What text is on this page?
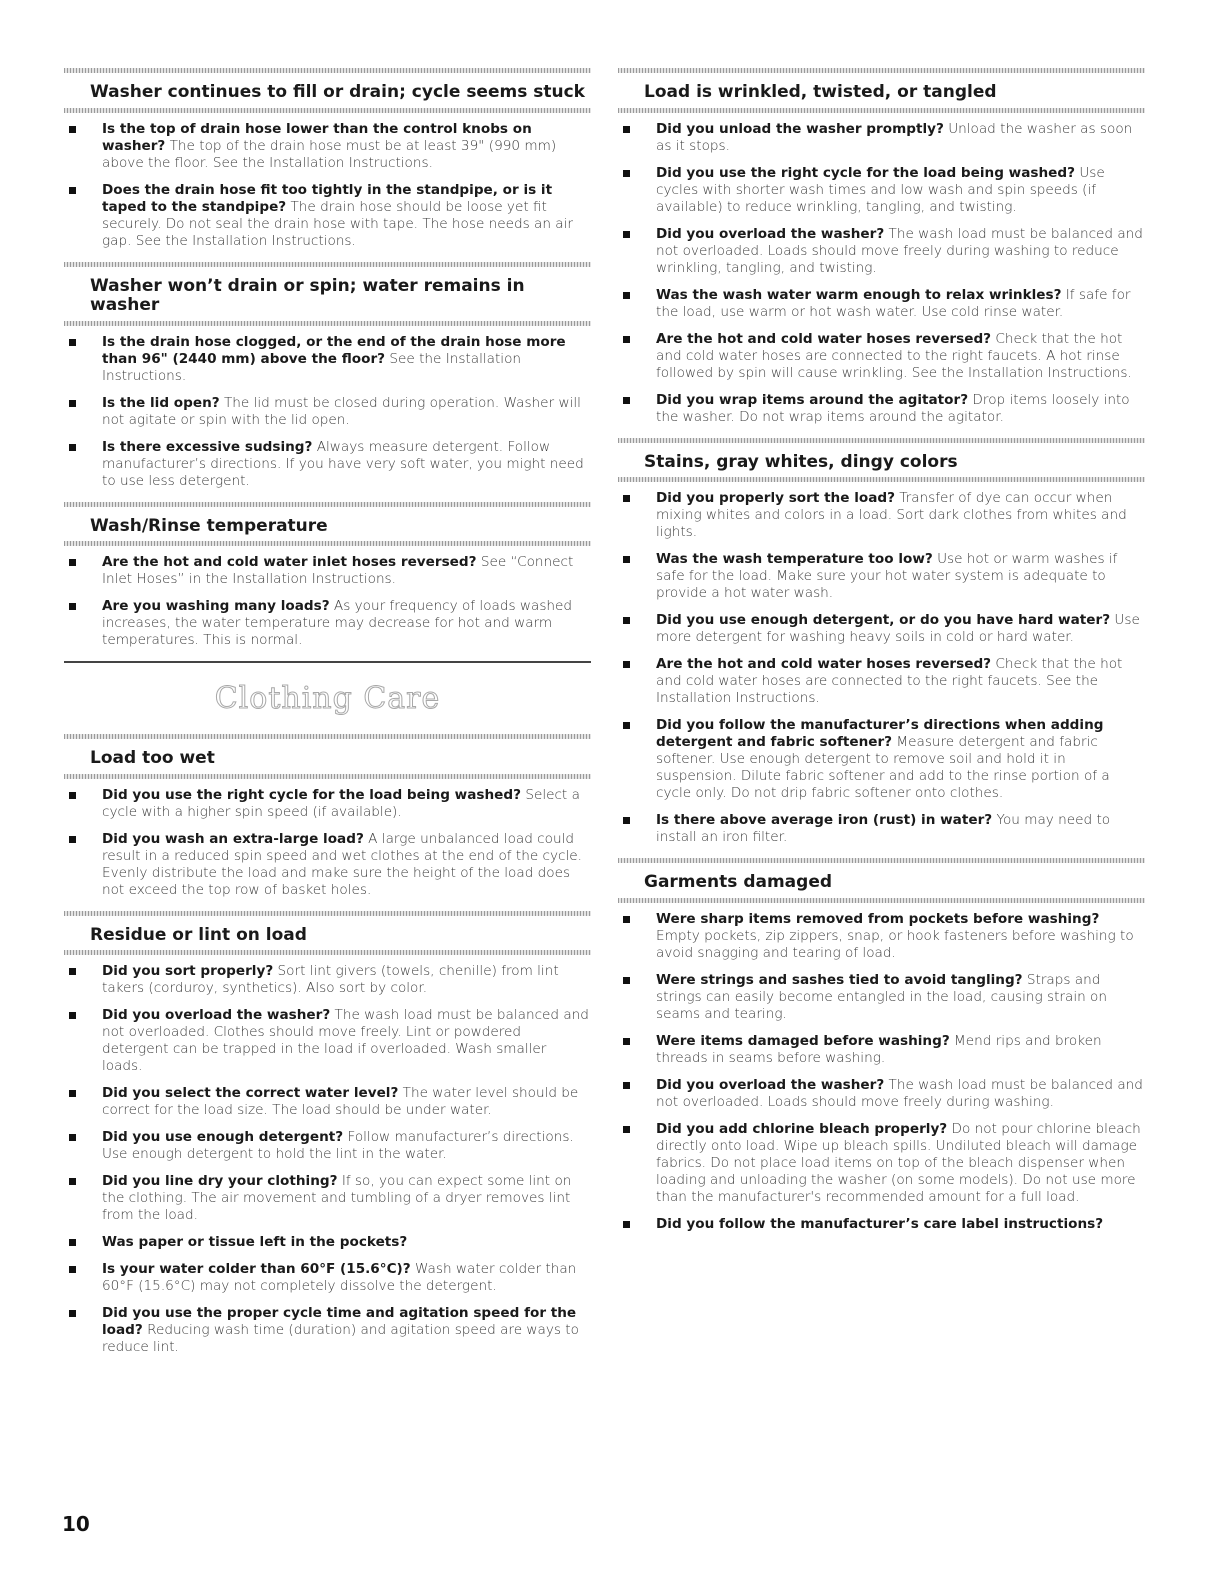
Washer continues to fill or drain; cycle seems stuck
Is the top of drain hose lower than the control knobs on washer? The top of the drain hose must be at least 39" (990 mm) above the floor. See the Installation Instructions.
Does the drain hose fit too tightly in the standpipe, or is it taped to the standpipe? The drain hose should be loose yet fit securely. Do not seal the drain hose with tape. The hose needs an air gap. See the Installation Instructions.
Washer won’t drain or spin; water remains in washer
Is the drain hose clogged, or the end of the drain hose more than 96" (2440 mm) above the floor? See the Installation Instructions.
Is the lid open? The lid must be closed during operation. Washer will not agitate or spin with the lid open.
Is there excessive sudsing? Always measure detergent. Follow manufacturer’s directions. If you have very soft water, you might need to use less detergent.
Wash/Rinse temperature
Are the hot and cold water inlet hoses reversed? See “Connect Inlet Hoses” in the Installation Instructions.
Are you washing many loads? As your frequency of loads washed increases, the water temperature may decrease for hot and warm temperatures. This is normal.
Clothing Care
Load too wet
Did you use the right cycle for the load being washed? Select a cycle with a higher spin speed (if available).
Did you wash an extra-large load? A large unbalanced load could result in a reduced spin speed and wet clothes at the end of the cycle. Evenly distribute the load and make sure the height of the load does not exceed the top row of basket holes.
Residue or lint on load
Did you sort properly? Sort lint givers (towels, chenille) from lint takers (corduroy, synthetics). Also sort by color.
Did you overload the washer? The wash load must be balanced and not overloaded. Clothes should move freely. Lint or powdered detergent can be trapped in the load if overloaded. Wash smaller loads.
Did you select the correct water level? The water level should be correct for the load size. The load should be under water.
Did you use enough detergent? Follow manufacturer’s directions. Use enough detergent to hold the lint in the water.
Did you line dry your clothing? If so, you can expect some lint on the clothing. The air movement and tumbling of a dryer removes lint from the load.
Was paper or tissue left in the pockets?
Is your water colder than 60°F (15.6°C)? Wash water colder than 60°F (15.6°C) may not completely dissolve the detergent.
Did you use the proper cycle time and agitation speed for the load? Reducing wash time (duration) and agitation speed are ways to reduce lint.
Load is wrinkled, twisted, or tangled
Did you unload the washer promptly? Unload the washer as soon as it stops.
Did you use the right cycle for the load being washed? Use cycles with shorter wash times and low wash and spin speeds (if available) to reduce wrinkling, tangling, and twisting.
Did you overload the washer? The wash load must be balanced and not overloaded. Loads should move freely during washing to reduce wrinkling, tangling, and twisting.
Was the wash water warm enough to relax wrinkles? If safe for the load, use warm or hot wash water. Use cold rinse water.
Are the hot and cold water hoses reversed? Check that the hot and cold water hoses are connected to the right faucets. A hot rinse followed by spin will cause wrinkling. See the Installation Instructions.
Did you wrap items around the agitator? Drop items loosely into the washer. Do not wrap items around the agitator.
Stains, gray whites, dingy colors
Did you properly sort the load? Transfer of dye can occur when mixing whites and colors in a load. Sort dark clothes from whites and lights.
Was the wash temperature too low? Use hot or warm washes if safe for the load. Make sure your hot water system is adequate to provide a hot water wash.
Did you use enough detergent, or do you have hard water? Use more detergent for washing heavy soils in cold or hard water.
Are the hot and cold water hoses reversed? Check that the hot and cold water hoses are connected to the right faucets. See the Installation Instructions.
Did you follow the manufacturer’s directions when adding detergent and fabric softener? Measure detergent and fabric softener. Use enough detergent to remove soil and hold it in suspension. Dilute fabric softener and add to the rinse portion of a cycle only. Do not drip fabric softener onto clothes.
Is there above average iron (rust) in water? You may need to install an iron filter.
Garments damaged
Were sharp items removed from pockets before washing? Empty pockets, zip zippers, snap, or hook fasteners before washing to avoid snagging and tearing of load.
Were strings and sashes tied to avoid tangling? Straps and strings can easily become entangled in the load, causing strain on seams and tearing.
Were items damaged before washing? Mend rips and broken threads in seams before washing.
Did you overload the washer? The wash load must be balanced and not overloaded. Loads should move freely during washing.
Did you add chlorine bleach properly? Do not pour chlorine bleach directly onto load. Wipe up bleach spills. Undiluted bleach will damage fabrics. Do not place load items on top of the bleach dispenser when loading and unloading the washer (on some models). Do not use more than the manufacturer's recommended amount for a full load.
Did you follow the manufacturer’s care label instructions?
10
